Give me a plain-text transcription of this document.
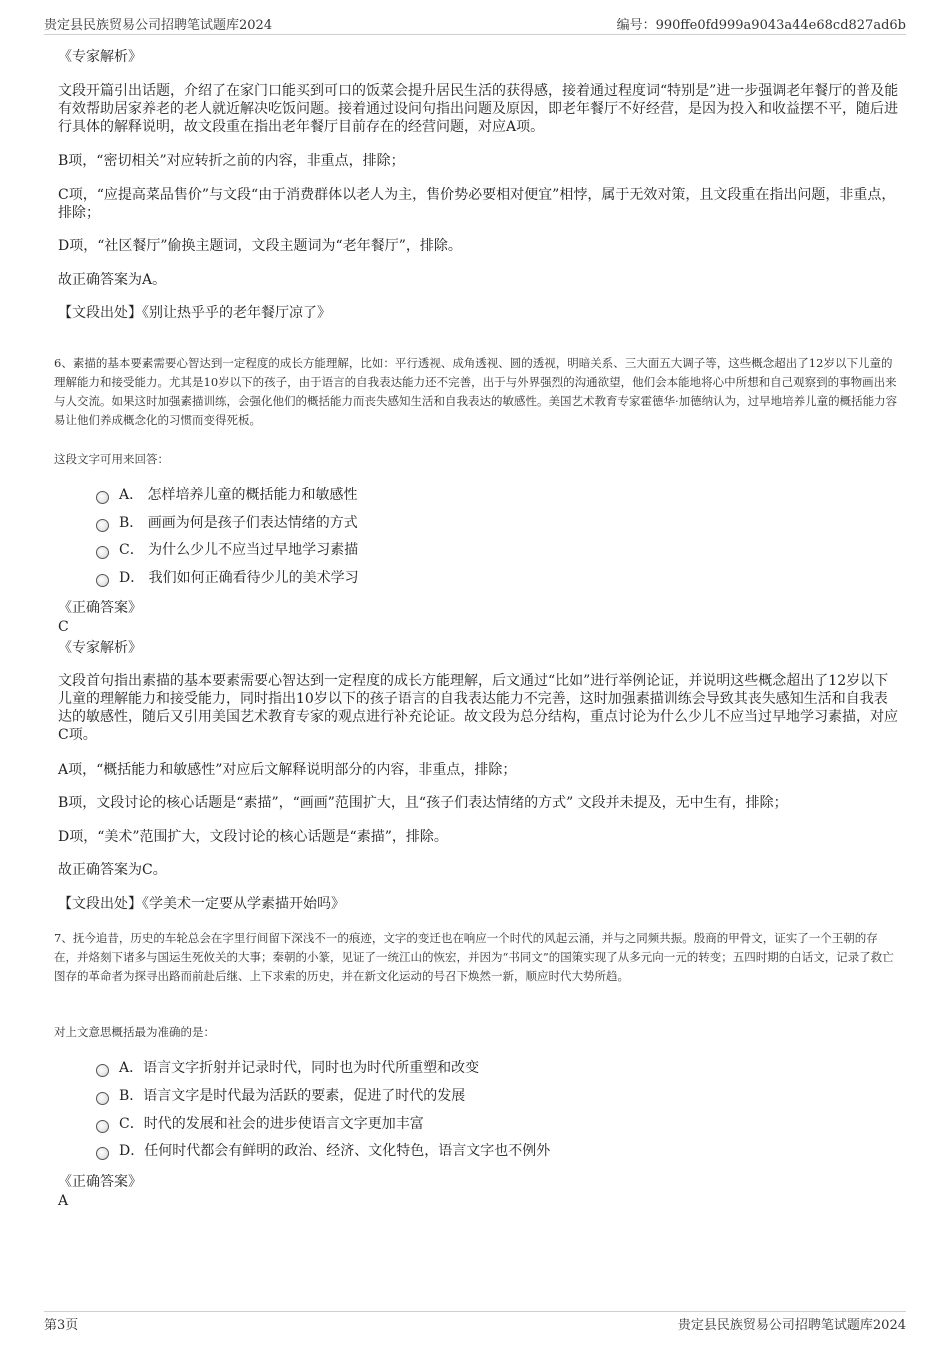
贵定县民族贸易公司招聘笔试题库2024	编号：990ffe0fd999a9043a44e68cd827ad6b
《专家解析》

文段开篇引出话题，介绍了在家门口能买到可口的饭菜会提升居民生活的获得感，接着通过程度词“特别是”进一步强调老年餐厅的普及能有效帮助居家养老的老人就近解决吃饭问题。接着通过设问句指出问题及原因，即老年餐厅不好经营，是因为投入和收益摆不平，随后进行具体的解释说明，故文段重在指出老年餐厅目前存在的经营问题，对应A项。

B项，“密切相关”对应转折之前的内容，非重点，排除；

C项，“应提高菜品售价”与文段“由于消费群体以老人为主，售价势必要相对便宜”相悖，属于无效对策，且文段重在指出问题，非重点，排除；

D项，“社区餐厅”偷换主题词，文段主题词为“老年餐厅”，排除。

故正确答案为A。

【文段出处】《别让热乎乎的老年餐厅凉了》

6、素描的基本要素需要心智达到一定程度的成长方能理解，比如：平行透视、成角透视、圆的透视，明暗关系、三大面五大调子等，这些概念超出了12岁以下儿童的理解能力和接受能力。尤其是10岁以下的孩子，由于语言的自我表达能力还不完善，出于与外界强烈的沟通欲望，他们会本能地将心中所想和自己观察到的事物画出来与人交流。如果这时加强素描训练，会强化他们的概括能力而丧失感知生活和自我表达的敏感性。美国艺术教育专家霍德华·加德纳认为，过早地培养儿童的概括能力容易让他们养成概念化的习惯而变得死板。

这段文字可用来回答：

A． 怎样培养儿童的概括能力和敏感性
B． 画画为何是孩子们表达情绪的方式
C． 为什么少儿不应当过早地学习素描
D． 我们如何正确看待少儿的美术学习
《正确答案》
C
《专家解析》

文段首句指出素描的基本要素需要心智达到一定程度的成长方能理解，后文通过“比如”进行举例论证，并说明这些概念超出了12岁以下儿童的理解能力和接受能力，同时指出10岁以下的孩子语言的自我表达能力不完善，这时加强素描训练会导致其丧失感知生活和自我表达的敏感性，随后又引用美国艺术教育专家的观点进行补充论证。故文段为总分结构，重点讨论为什么少儿不应当过早地学习素描，对应C项。

A项，“概括能力和敏感性”对应后文解释说明部分的内容，非重点，排除；

B项，文段讨论的核心话题是“素描”，“画画”范围扩大，且“孩子们表达情绪的方式” 文段并未提及，无中生有，排除；

D项，“美术”范围扩大，文段讨论的核心话题是“素描”，排除。

故正确答案为C。

【文段出处】《学美术一定要从学素描开始吗》

7、抚今追昔，历史的车轮总会在字里行间留下深浅不一的痕迹，文字的变迁也在响应一个时代的风起云涌，并与之同频共振。殷商的甲骨文，证实了一个王朝的存在，并烙刻下诸多与国运生死攸关的大事；秦朝的小篆，见证了一统江山的恢宏，并因为“书同文”的国策实现了从多元向一元的转变；五四时期的白话文，记录了救亡图存的革命者为探寻出路而前赴后继、上下求索的历史，并在新文化运动的号召下焕然一新，顺应时代大势所趋。

对上文意思概括最为准确的是：

A．语言文字折射并记录时代，同时也为时代所重塑和改变
B．语言文字是时代最为活跃的要素，促进了时代的发展
C．时代的发展和社会的进步使语言文字更加丰富
D．任何时代都会有鲜明的政治、经济、文化特色，语言文字也不例外
《正确答案》
A
第3页	贵定县民族贸易公司招聘笔试题库2024
